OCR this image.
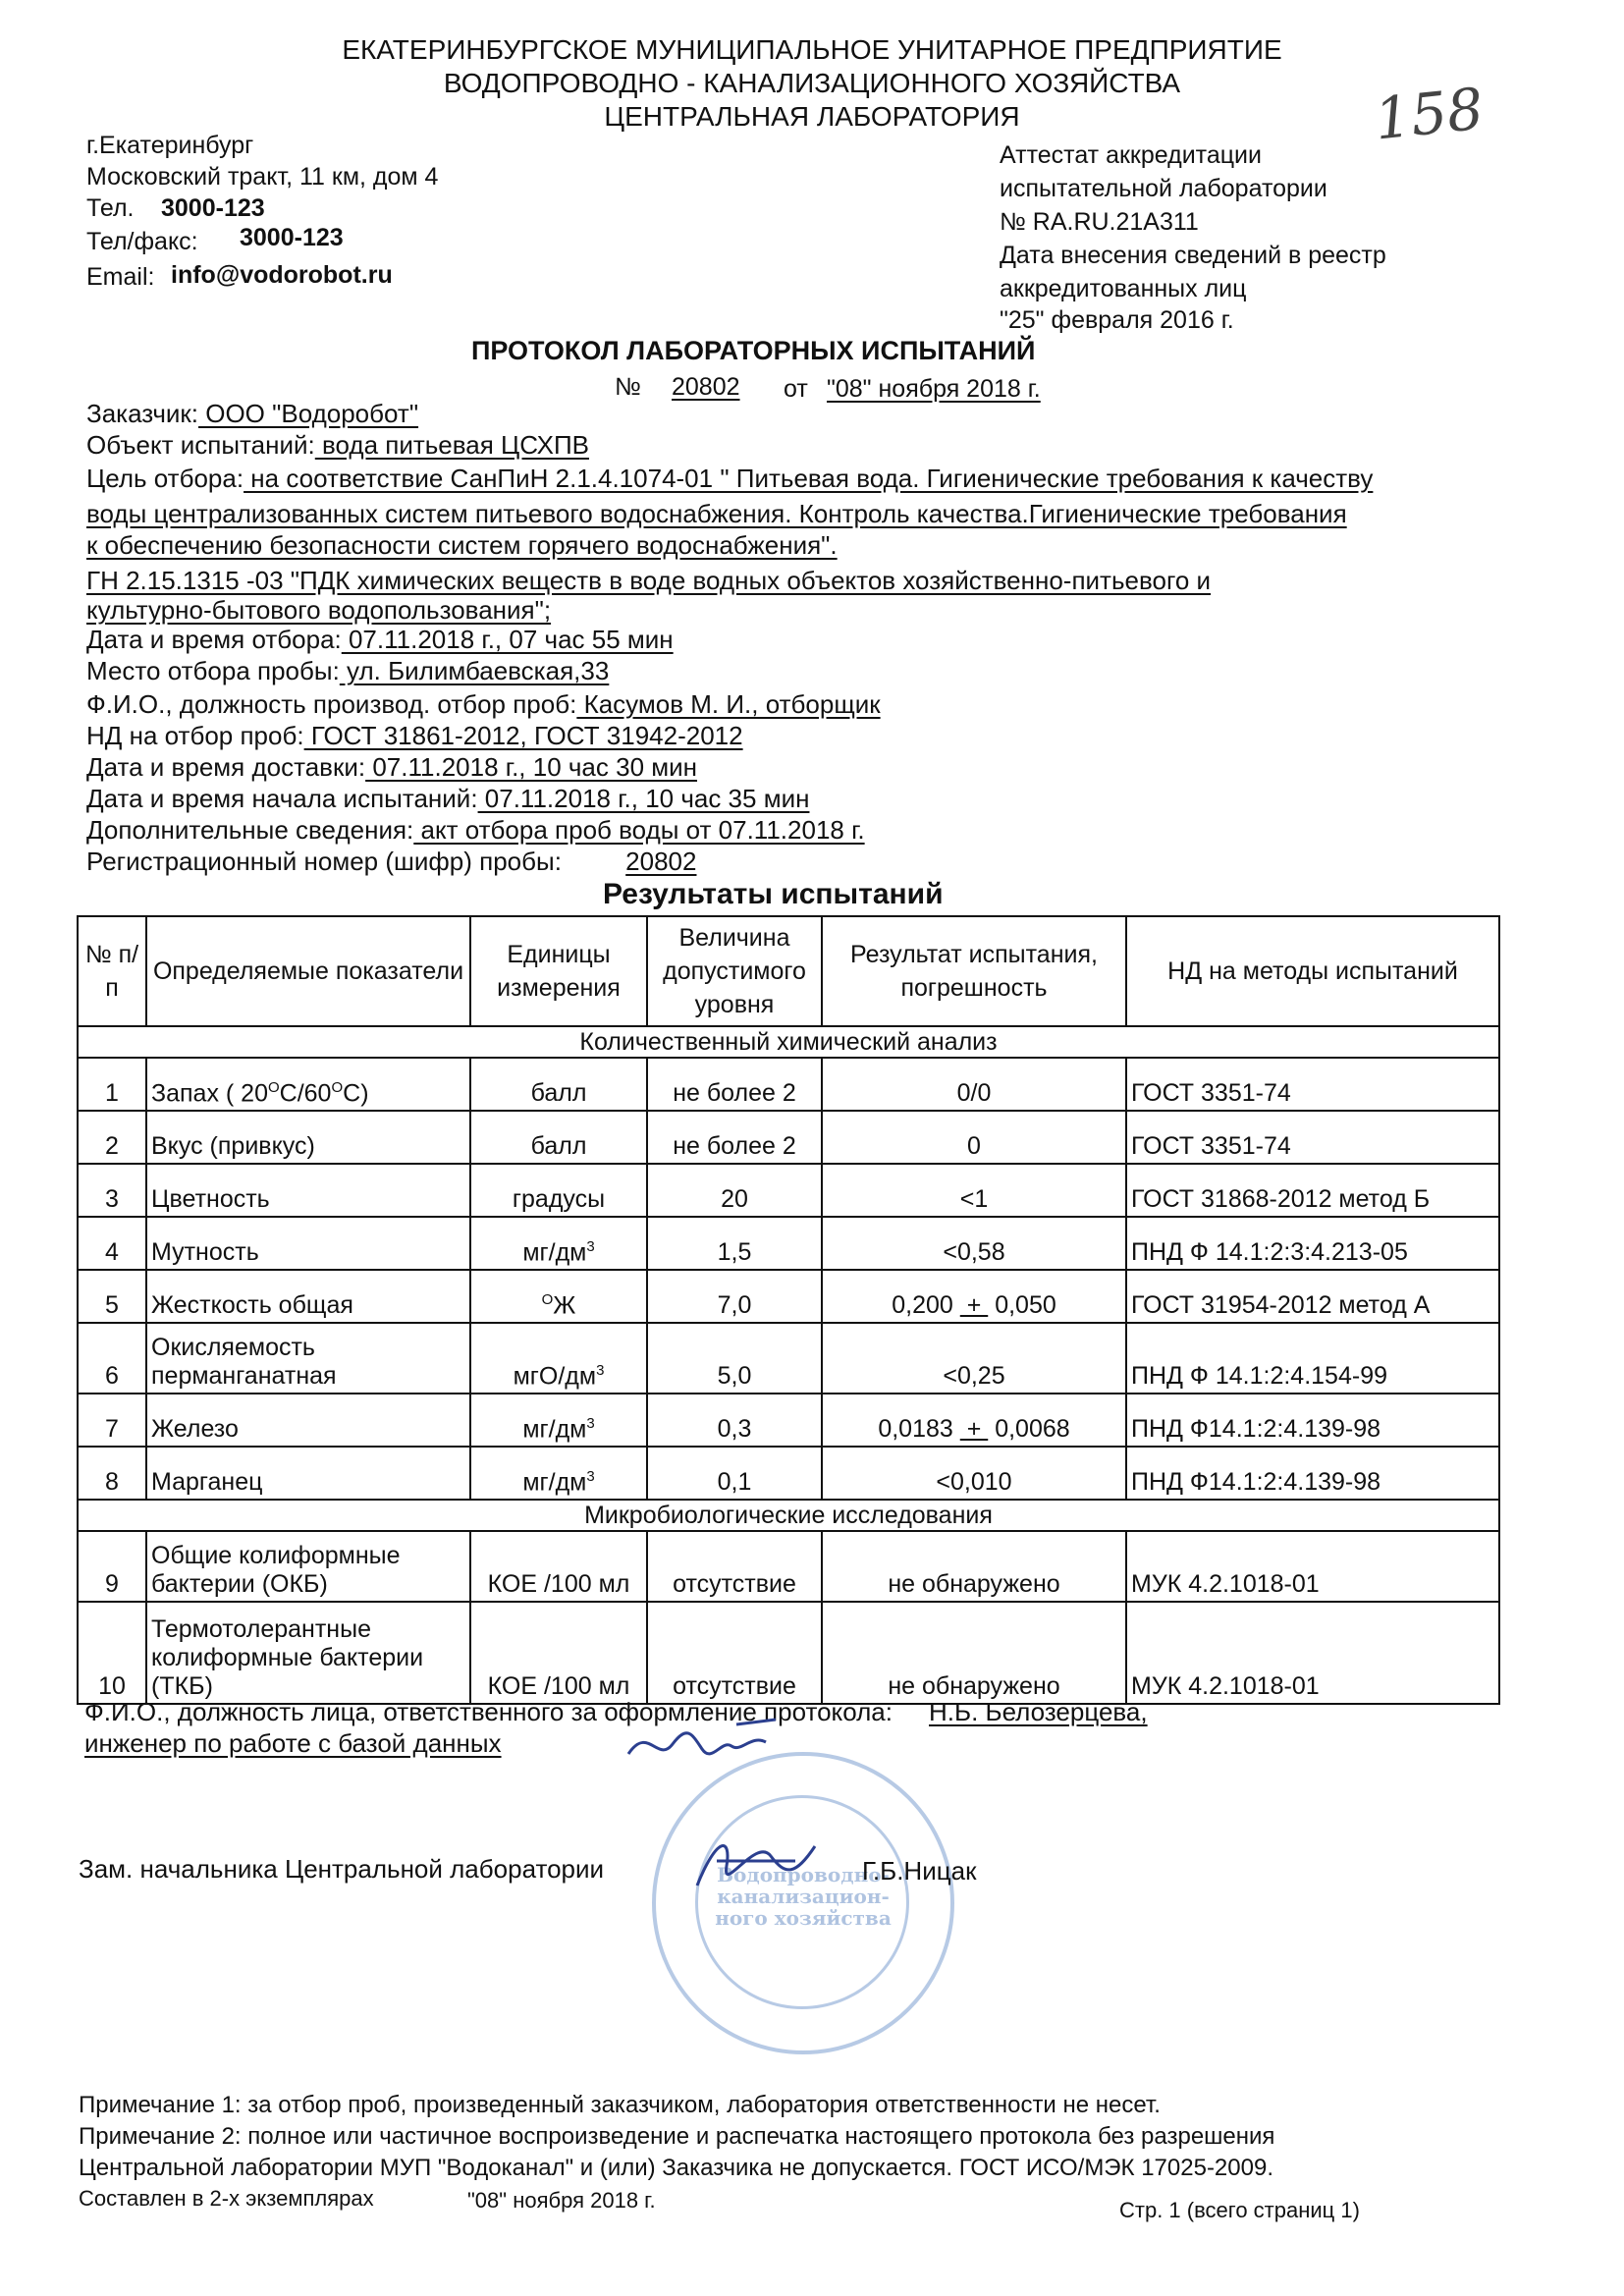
ЕКАТЕРИНБУРГСКОЕ МУНИЦИПАЛЬНОЕ УНИТАРНОЕ ПРЕДПРИЯТИЕ
ВОДОПРОВОДНО - КАНАЛИЗАЦИОННОГО ХОЗЯЙСТВА
ЦЕНТРАЛЬНАЯ ЛАБОРАТОРИЯ	158
г.Екатеринбург
Московский тракт, 11 км, дом 4
Тел. 3000-123
Тел/факс: 3000-123
Email: info@vodorobot.ru
Аттестат аккредитации
испытательной лаборатории
№ RA.RU.21А311
Дата внесения сведений в реестр
аккредитованных лиц
"25" февраля 2016 г.
ПРОТОКОЛ ЛАБОРАТОРНЫХ ИСПЫТАНИЙ
№ 20802 от "08" ноября 2018 г.
Заказчик: ООО "Водоробот"
Объект испытаний: вода питьевая ЦСХПВ
Цель отбора: на соответствие СанПиН 2.1.4.1074-01 " Питьевая вода. Гигиенические требования к качеству
воды централизованных систем питьевого водоснабжения. Контроль качества.Гигиенические требования
к обеспечению безопасности систем горячего водоснабжения".
ГН 2.15.1315 -03 "ПДК химических веществ в воде водных объектов хозяйственно-питьевого и
культурно-бытового водопользования";
Дата и время отбора: 07.11.2018 г., 07 час 55 мин
Место отбора пробы: ул. Билимбаевская,33
Ф.И.О., должность производ. отбор проб: Касумов М. И., отборщик
НД на отбор проб: ГОСТ 31861-2012, ГОСТ 31942-2012
Дата и время доставки: 07.11.2018 г., 10 час 30 мин
Дата и время начала испытаний: 07.11.2018 г., 10 час 35 мин
Дополнительные сведения: акт отбора проб воды от 07.11.2018 г.
Регистрационный номер (шифр) пробы:	20802
Результаты испытаний
№ п/п	Определяемые показатели	Единицы измерения	Величина допустимого уровня	Результат испытания, погрешность	НД на методы испытаний
Количественный химический анализ					
1	Запах ( $20^ОС/60^ОС$)	балл	не более 2	0/0	ГОСТ 3351-74
2	Вкус (привкус)	балл	не более 2	0	ГОСТ 3351-74
3	Цветность	градусы	20	<1	ГОСТ 31868-2012 метод Б
4	Мутность	$мг/дм^3$	1,5	<0,58	ПНД Ф 14.1:2:3:4.213-05
5	Жесткость общая	$^О$Ж	7,0	0,200  +  0,050	ГОСТ 31954-2012 метод А
6	Окисляемость перманганатная	мгО/$дм^3$	5,0	<0,25	ПНД Ф 14.1:2:4.154-99
7	Железо	$мг/дм^3$	0,3	0,0183  +  0,0068	ПНД Ф14.1:2:4.139-98
8	Марганец	$мг/дм^3$	0,1	<0,010	ПНД Ф14.1:2:4.139-98
Микробиологические исследования					
9	Общие колиформные бактерии (ОКБ)	КОЕ /100 мл	отсутствие	не обнаружено	МУК 4.2.1018-01
10	Термотолерантные колиформные бактерии (ТКБ)	КОЕ /100 мл	отсутствие	не обнаружено	МУК 4.2.1018-01
Ф.И.О., должность лица, ответственного за оформление протокола: Н.Б. Белозерцева,
инженер по работе с базой данных
Водопроводно-канализацион-ного хозяйства
Зам. начальника Центральной лаборатории	Г.Б.Ницак
Примечание 1: за отбор проб, произведенный заказчиком, лаборатория ответственности не несет.
Примечание 2: полное или частичное воспроизведение и распечатка настоящего протокола без разрешения
Центральной лаборатории МУП "Водоканал" и (или) Заказчика не допускается. ГОСТ ИСО/МЭК 17025-2009.
Составлен в 2-х экземплярах	"08" ноября 2018 г.	Стр. 1 (всего страниц 1)
